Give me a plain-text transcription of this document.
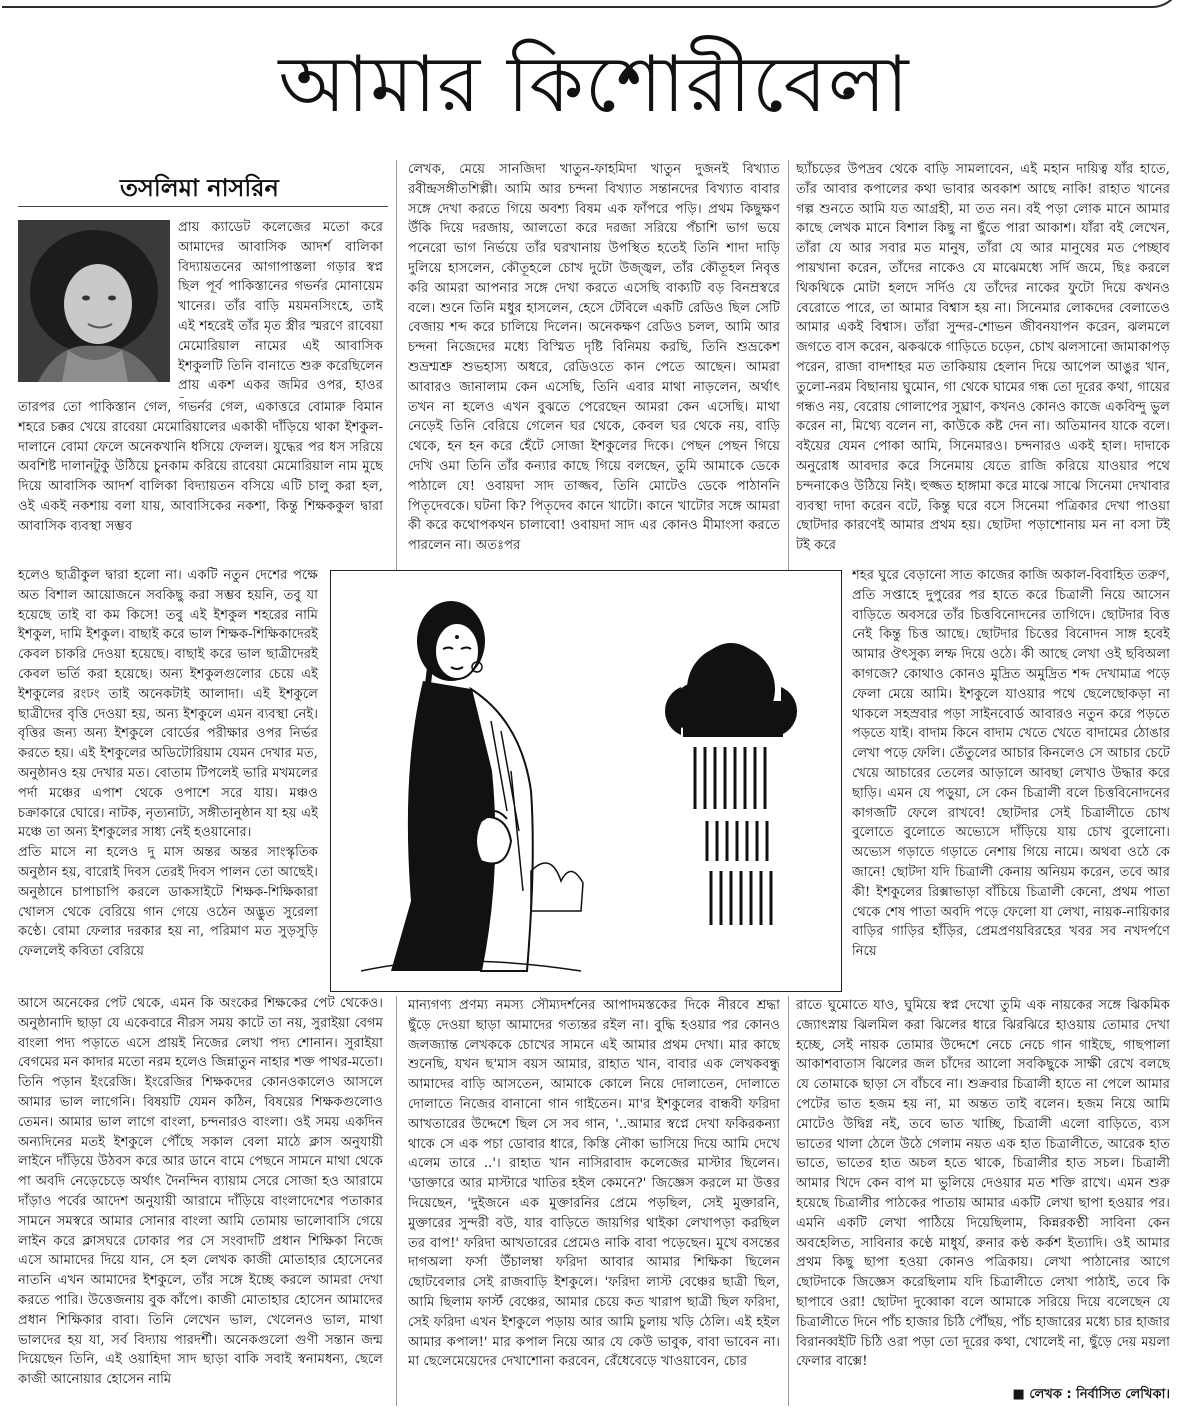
আমার কিশোরীবেলা
তসলিমা নাসরিন

প্রায় ক্যাডেট কলেজের মতো করে আমাদের আবাসিক আদর্শ বালিকা বিদ্যায়তনের আগাপাস্তলা গড়ার স্বপ্ন ছিল পূর্ব পাকিস্তানের গভর্নর মোনায়েম খানের। তাঁর বাড়ি ময়মনসিংহে, তাই এই শহরেই তাঁর মৃত স্ত্রীর স্মরণে রাবেয়া মেমোরিয়াল নামের এই আবাসিক ইশকুলটি তিনি বানাতে শুরু করেছিলেন প্রায় একশ একর জমির ওপর, হাওর

তারপর তো পাকিস্তান গেল, গভর্নর গেল, একাত্তরে বোমারু বিমান শহরে চক্কর খেয়ে রাবেয়া মেমোরিয়ালের একাকী দাঁড়িয়ে থাকা ইশকুল-দালানে বোমা ফেলে অনেকখানি ধসিয়ে ফেলল। যুদ্ধের পর ধস সরিয়ে অবশিষ্ট দালানটুকু উঠিয়ে চুনকাম করিয়ে রাবেয়া মেমোরিয়াল নাম মুছে দিয়ে আবাসিক আদর্শ বালিকা বিদ্যায়তন বসিয়ে এটি চালু করা হল, ওই একই নকশায় বলা যায়, আবাসিকের নকশা, কিন্তু শিক্ষককুল দ্বারা আবাসিক ব্যবস্থা সম্ভব

হলেও ছাত্রীকুল দ্বারা হলো না। একটি নতুন দেশের পক্ষে অত বিশাল আয়োজনে সবকিছু করা সম্ভব হয়নি, তবু যা হয়েছে তাই বা কম কিসে! তবু এই ইশকুল শহরের নামি ইশকুল, দামি ইশকুল। বাছাই করে ভাল শিক্ষক-শিক্ষিকাদেরই কেবল চাকরি দেওয়া হয়েছে। বাছাই করে ভাল ছাত্রীদেরই কেবল ভর্তি করা হয়েছে। অন্য ইশকুলগুলোর চেয়ে এই ইশকুলের রংঢং তাই অনেকটাই আলাদা। এই ইশকুলে ছাত্রীদের বৃত্তি দেওয়া হয়, অন্য ইশকুলে এমন ব্যবস্থা নেই। বৃত্তির জন্য অন্য ইশকুলে বোর্ডের পরীক্ষার ওপর নির্ভর করতে হয়। এই ইশকুলের অডিটোরিয়াম যেমন দেখার মত, অনুষ্ঠানও হয় দেখার মত। বোতাম টিপলেই ভারি মখমলের পর্দা মঞ্চের এপাশ থেকে ওপাশে সরে যায়। মঞ্চও চক্রাকারে ঘোরে। নাটক, নৃত্যনাট্য, সঙ্গীতানুষ্ঠান যা হয় এই মঞ্চে তা অন্য ইশকুলের সাধ্য নেই হওয়ানোর।

প্রতি মাসে না হলেও দু মাস অন্তর অন্তর সাংস্কৃতিক অনুষ্ঠান হয়, বারোই দিবস তেরই দিবস পালন তো আছেই। অনুষ্ঠানে চাপাচাপি করলে ডাকসাইটে শিক্ষক-শিক্ষিকারা খোলস থেকে বেরিয়ে গান গেয়ে ওঠেন অদ্ভুত সুরেলা কণ্ঠে। বোমা ফেলার দরকার হয় না, পরিমাণ মত সুড়সুড়ি ফেললেই কবিতা বেরিয়ে

আসে অনেকের পেট থেকে, এমন কি অংকের শিক্ষকের পেট থেকেও। অনুষ্ঠানাদি ছাড়া যে একেবারে নীরস সময় কাটে তা নয়, সুরাইয়া বেগম বাংলা পদ্য পড়াতে এসে প্রায়ই নিজের লেখা পদ্য শোনান। সুরাইয়া বেগমের মন কাদার মতো নরম হলেও জিন্নাতুন নাহার শক্ত পাথর-মতো। তিনি পড়ান ইংরেজি। ইংরেজির শিক্ষকদের কোনওকালেও আসলে আমার ভাল লাগেনি। বিষয়টি যেমন কঠিন, বিষয়ের শিক্ষকগুলোও তেমন। আমার ভাল লাগে বাংলা, চন্দনারও বাংলা। ওই সময় একদিন অন্যদিনের মতই ইশকুলে পৌঁছে সকাল বেলা মাঠে ক্লাস অনুযায়ী লাইনে দাঁড়িয়ে উঠবস করে আর ডানে বামে পেছনে সামনে মাথা থেকে পা অবদি নেড়েচেড়ে অর্থাৎ দৈনন্দিন ব্যায়াম সেরে সোজা হও আরামে দাঁড়াও পর্বের আদেশ অনুযায়ী আরামে দাঁড়িয়ে বাংলাদেশের পতাকার সামনে সমস্বরে আমার সোনার বাংলা আমি তোমায় ভালোবাসি গেয়ে লাইন করে ক্লাসঘরে ঢোকার পর সে সংবাদটি প্রধান শিক্ষিকা নিজে এসে আমাদের দিয়ে যান, সে হল লেখক কাজী মোতাহার হোসেনের নাতনি এখন আমাদের ইশকুলে, তাঁর সঙ্গে ইচ্ছে করলে আমরা দেখা করতে পারি। উত্তেজনায় বুক কাঁপে। কাজী মোতাহার হোসেন আমাদের প্রধান শিক্ষিকার বাবা। তিনি লেখেন ভাল, খেলেনও ভাল, মাথা ভালদের হয় যা, সর্ব বিদ্যায় পারদর্শী। অনেকগুলো গুণী সন্তান জন্ম দিয়েছেন তিনি, এই ওয়াহিদা সাদ ছাড়া বাকি সবাই স্বনামধন্য, ছেলে কাজী আনোয়ার হোসেন নামি

লেখক, মেয়ে সানজিদা খাতুন-ফাহমিদা খাতুন দুজনই বিখ্যাত রবীন্দ্রসঙ্গীতশিল্পী। আমি আর চন্দনা বিখ্যাত সন্তানদের বিখ্যাত বাবার সঙ্গে দেখা করতে গিয়ে অবশ্য বিষম এক ফাঁপরে পড়ি। প্রথম কিছুক্ষণ উঁকি দিয়ে দরজায়, আলতো করে দরজা সরিয়ে পঁচাশি ভাগ ভয়ে পনেরো ভাগ নির্ভয়ে তাঁর ঘরখানায় উপস্থিত হতেই তিনি শাদা দাড়ি দুলিয়ে হাসলেন, কৌতূহলে চোখ দুটো উজ্জ্বল, তাঁর কৌতূহল নিবৃত্ত করি আমরা আপনার সঙ্গে দেখা করতে এসেছি বাক্যটি বড় বিনম্রস্বরে বলে। শুনে তিনি মধুর হাসলেন, হেসে টেবিলে একটি রেডিও ছিল সেটি বেজায় শব্দ করে চালিয়ে দিলেন। অনেকক্ষণ রেডিও চলল, আমি আর চন্দনা নিজেদের মধ্যে বিস্মিত দৃষ্টি বিনিময় করছি, তিনি শুভ্রকেশ শুভ্রশ্মশ্রু শুভহাস্য অধরে, রেডিওতে কান পেতে আছেন। আমরা আবারও জানালাম কেন এসেছি, তিনি এবার মাথা নাড়লেন, অর্থাৎ তখন না হলেও এখন বুঝতে পেরেছেন আমরা কেন এসেছি। মাথা নেড়েই তিনি বেরিয়ে গেলেন ঘর থেকে, কেবল ঘর থেকে নয়, বাড়ি থেকে, হন হন করে হেঁটে সোজা ইশকুলের দিকে। পেছন পেছন গিয়ে দেখি ওমা তিনি তাঁর কন্যার কাছে গিয়ে বলছেন, তুমি আমাকে ডেকে পাঠালে যে! ওবায়দা সাদ তাজ্জব, তিনি মোটেও ডেকে পাঠাননি পিতৃদেবকে। ঘটনা কি? পিতৃদেব কানে খাটো। কানে খাটোর সঙ্গে আমরা কী করে কথোপকথন চালাবো! ওবায়দা সাদ এর কোনও মীমাংসা করতে পারলেন না। অতঃপর

মান্যগণ্য প্রণম্য নমস্য সৌম্যদর্শনের আপাদমস্তকের দিকে নীরবে শ্রদ্ধা ছুঁড়ে দেওয়া ছাড়া আমাদের গত্যন্তর রইল না। বুদ্ধি হওয়ার পর কোনও জলজ্যান্ত লেখককে চোখের সামনে এই আমার প্রথম দেখা। মার কাছে শুনেছি, যখন ছ'মাস বয়স আমার, রাহাত খান, বাবার এক লেখকবন্ধু আমাদের বাড়ি আসতেন, আমাকে কোলে নিয়ে দোলাতেন, দোলাতে দোলাতে নিজের বানানো গান গাইতেন। মা'র ইশকুলের বান্ধবী ফরিদা আখতারের উদ্দেশে ছিল সে সব গান, '..আমার স্বপ্নে দেখা ফকিরকন্যা থাকে সে এক পচা ডোবার ধারে, কিস্তি নৌকা ভাসিয়ে দিয়ে আমি দেখে এলেম তারে ..'। রাহাত খান নাসিরাবাদ কলেজের মাস্টার ছিলেন। 'ডাক্তারে আর মাস্টারে খাতির হইল কেমনে?' জিজ্ঞেস করলে মা উত্তর দিয়েছেন, 'দুইজনে এক মুক্তারনির প্রেমে পড়ছিল, সেই মুক্তারনি, মুক্তারের সুন্দরী বউ, যার বাড়িতে জায়গির থাইকা লেখাপড়া করছিল তর বাপ!' ফরিদা আখতারের প্রেমেও নাকি বাবা পড়েছেন। মুখে বসন্তের দাগঅলা ফর্সা উঁচালম্বা ফরিদা আবার আমার শিক্ষিকা ছিলেন ছোটবেলার সেই রাজবাড়ি ইশকুলে। 'ফরিদা লাস্ট বেঞ্চের ছাত্রী ছিল, আমি ছিলাম ফার্স্ট বেঞ্চের, আমার চেয়ে কত খারাপ ছাত্রী ছিল ফরিদা, সেই ফরিদা এখন ইশকুলে পড়ায় আর আমি চুলায় খড়ি ঠেলি। এই হইল আমার কপাল!' মার কপাল নিয়ে আর যে কেউ ভাবুক, বাবা ভাবেন না। মা ছেলেমেয়েদের দেখাশোনা করবেন, রেঁধেবেড়ে খাওয়াবেন, চোর

ছ্যাঁচড়ের উপদ্রব থেকে বাড়ি সামলাবেন, এই মহান দায়িত্ব যাঁর হাতে, তাঁর আবার কপালের কথা ভাবার অবকাশ আছে নাকি! রাহাত খানের গল্প শুনতে আমি যত আগ্রহী, মা তত নন। বই পড়া লোক মানে আমার কাছে লেখক মানে বিশাল কিছু না ছুঁতে পারা আকাশ। যাঁরা বই লেখেন, তাঁরা যে আর সবার মত মানুষ, তাঁরা যে আর মানুষের মত পেচ্ছাব পায়খানা করেন, তাঁদের নাকেও যে মাঝেমধ্যে সর্দি জমে, ছিঃ করলে থিকথিকে মোটা হলদে সর্দিও যে তাঁদের নাকের ফুটো দিয়ে কখনও বেরোতে পারে, তা আমার বিশ্বাস হয় না। সিনেমার লোকদের বেলাতেও আমার একই বিশ্বাস। তাঁরা সুন্দর-শোভন জীবনযাপন করেন, ঝলমলে জগতে বাস করেন, ঝকঝকে গাড়িতে চড়েন, চোখ ঝলসানো জামাকাপড় পরেন, রাজা বাদশাহর মত তাকিয়ায় হেলান দিয়ে আপেল আঙুর খান, তুলো-নরম বিছানায় ঘুমোন, গা থেকে ঘামের গন্ধ তো দূরের কথা, গায়ের গন্ধও নয়, বেরোয় গোলাপের সুঘ্রাণ, কখনও কোনও কাজে একবিন্দু ভুল করেন না, মিথ্যে বলেন না, কাউকে কষ্ট দেন না। অতিমানব যাকে বলে। বইয়ের যেমন পোকা আমি, সিনেমারও। চন্দনারও একই হাল। দাদাকে অনুরোধ আবদার করে সিনেমায় যেতে রাজি করিয়ে যাওয়ার পথে চন্দনাকেও উঠিয়ে নিই। হুজ্জত হাঙ্গামা করে মাঝে সাঝে সিনেমা দেখাবার ব্যবস্থা দাদা করেন বটে, কিন্তু ঘরে বসে সিনেমা পত্রিকার দেখা পাওয়া ছোটদার কারণেই আমার প্রথম হয়। ছোটদা পড়াশোনায় মন না বসা টই টই করে

শহর ঘুরে বেড়ানো সাত কাজের কাজি অকাল-বিবাহিত তরুণ, প্রতি সপ্তাহে দুপুরের পর হাতে করে চিত্রালী নিয়ে আসেন বাড়িতে অবসরে তাঁর চিত্তবিনোদনের তাগিদে। ছোটদার বিত্ত নেই কিন্তু চিত্ত আছে। ছোটদার চিত্তের বিনোদন সাঙ্গ হবেই আমার ঔৎসুক্য লম্ফ দিয়ে ওঠে। কী আছে লেখা ওই ছবিঅলা কাগজে? কোথাও কোনও মুদ্রিত অমুদ্রিত শব্দ দেখামাত্র পড়ে ফেলা মেয়ে আমি। ইশকুলে যাওয়ার পথে ছেলেছোকড়া না থাকলে সহস্রবার পড়া সাইনবোর্ড আবারও নতুন করে পড়তে পড়তে যাই। বাদাম কিনে বাদাম খেতে খেতে বাদামের ঠোঙার লেখা পড়ে ফেলি। তেঁতুলের আচার কিনলেও সে আচার চেটে খেয়ে আচারের তেলের আড়ালে আবছা লেখাও উদ্ধার করে ছাড়ি। এমন যে পড়ুয়া, সে কেন চিত্রালী বলে চিত্তবিনোদনের কাগজটি ফেলে রাখবে! ছোটদার সেই চিত্রালীতে চোখ বুলোতে বুলোতে অভ্যেসে দাঁড়িয়ে যায় চোখ বুলোনো। অভ্যেস গড়াতে গড়াতে নেশায় গিয়ে নামে। অথবা ওঠে কে জানে! ছোটদা যদি চিত্রালী কেনায় অনিয়ম করেন, তবে আর কী! ইশকুলের রিক্সাভাড়া বাঁচিয়ে চিত্রালী কেনো, প্রথম পাতা থেকে শেষ পাতা অবদি পড়ে ফেলো যা লেখা, নায়ক-নায়িকার বাড়ির গাড়ির হাঁড়ির, প্রেমপ্রণয়বিরহের খবর সব নখদর্পণে নিয়ে

রাতে ঘুমোতে যাও, ঘুমিয়ে স্বপ্ন দেখো তুমি এক নায়কের সঙ্গে ঝিকমিক জ্যোৎস্নায় ঝিলমিল করা ঝিলের ধারে ঝিরঝিরে হাওয়ায় তোমার দেখা হচ্ছে, সেই নায়ক তোমার উদ্দেশে নেচে নেচে গান গাইছে, গাছপালা আকাশবাতাস ঝিলের জল চাঁদের আলো সবকিছুকে সাক্ষী রেখে বলছে যে তোমাকে ছাড়া সে বাঁচবে না। শুক্রবার চিত্রালী হাতে না পেলে আমার পেটের ভাত হজম হয় না, মা অন্তত তাই বলেন। হজম নিয়ে আমি মোটেও উদ্বিগ্ন নই, তবে ভাত খাচ্ছি, চিত্রালী এলো বাড়িতে, ব্যস ভাতের থালা ঠেলে উঠে গেলাম নয়ত এক হাত চিত্রালীতে, আরেক হাত ভাতে, ভাতের হাত অচল হতে থাকে, চিত্রালীর হাত সচল। চিত্রালী আমার খিদে কেন বাপ মা ভুলিয়ে দেওয়ার মত শক্তি রাখে। এমন শুরু হয়েছে চিত্রালীর পাঠকের পাতায় আমার একটি লেখা ছাপা হওয়ার পর। এমনি একটি লেখা পাঠিয়ে দিয়েছিলাম, কিন্নরকণ্ঠী সাবিনা কেন অবহেলিত, সাবিনার কণ্ঠে মাধুর্য, রুনার কণ্ঠ কর্কশ ইত্যাদি। ওই আমার প্রথম কিছু ছাপা হওয়া কোনও পত্রিকায়। লেখা পাঠানোর আগে ছোটদাকে জিজ্ঞেস করেছিলাম যদি চিত্রালীতে লেখা পাঠাই, তবে কি ছাপাবে ওরা! ছোটদা দুব্বোকা বলে আমাকে সরিয়ে দিয়ে বলেছেন যে চিত্রালীতে দিনে পাঁচ হাজার চিঠি পৌঁছয়, পাঁচ হাজারের মধ্যে চার হাজার বিরানব্বইটি চিঠি ওরা পড়া তো দূরের কথা, খোলেই না, ছুঁড়ে দেয় ময়লা ফেলার বাক্সে!

■ লেখক : নির্বাসিত লেখিকা।
